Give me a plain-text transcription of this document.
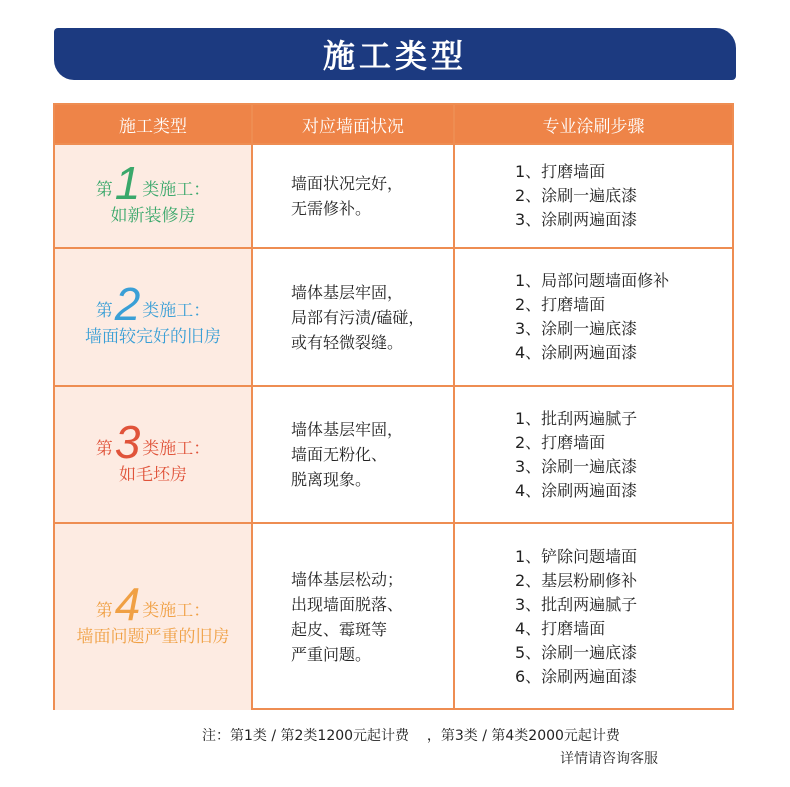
施工类型
施工类型	对应墙面状况	专业涂刷步骤
第 1 类施工：
如新装修房
墙面状况完好，
无需修补。
1、打磨墙面
2、涂刷一遍底漆
3、涂刷两遍面漆
第 2 类施工：
墙面较完好的旧房
墙体基层牢固，
局部有污渍/磕碰，
或有轻微裂缝。
1、局部问题墙面修补
2、打磨墙面
3、涂刷一遍底漆
4、涂刷两遍面漆
第 3 类施工：
如毛坯房
墙体基层牢固，
墙面无粉化、
脱离现象。
1、批刮两遍腻子
2、打磨墙面
3、涂刷一遍底漆
4、涂刷两遍面漆
第 4 类施工：
墙面问题严重的旧房
墙体基层松动；
出现墙面脱落、
起皮、霉斑等
严重问题。
1、铲除问题墙面
2、基层粉刷修补
3、批刮两遍腻子
4、打磨墙面
5、涂刷一遍底漆
6、涂刷两遍面漆
注：第1类 / 第2类1200元起计费    ，第3类 / 第4类2000元起计费
详情请咨询客服
